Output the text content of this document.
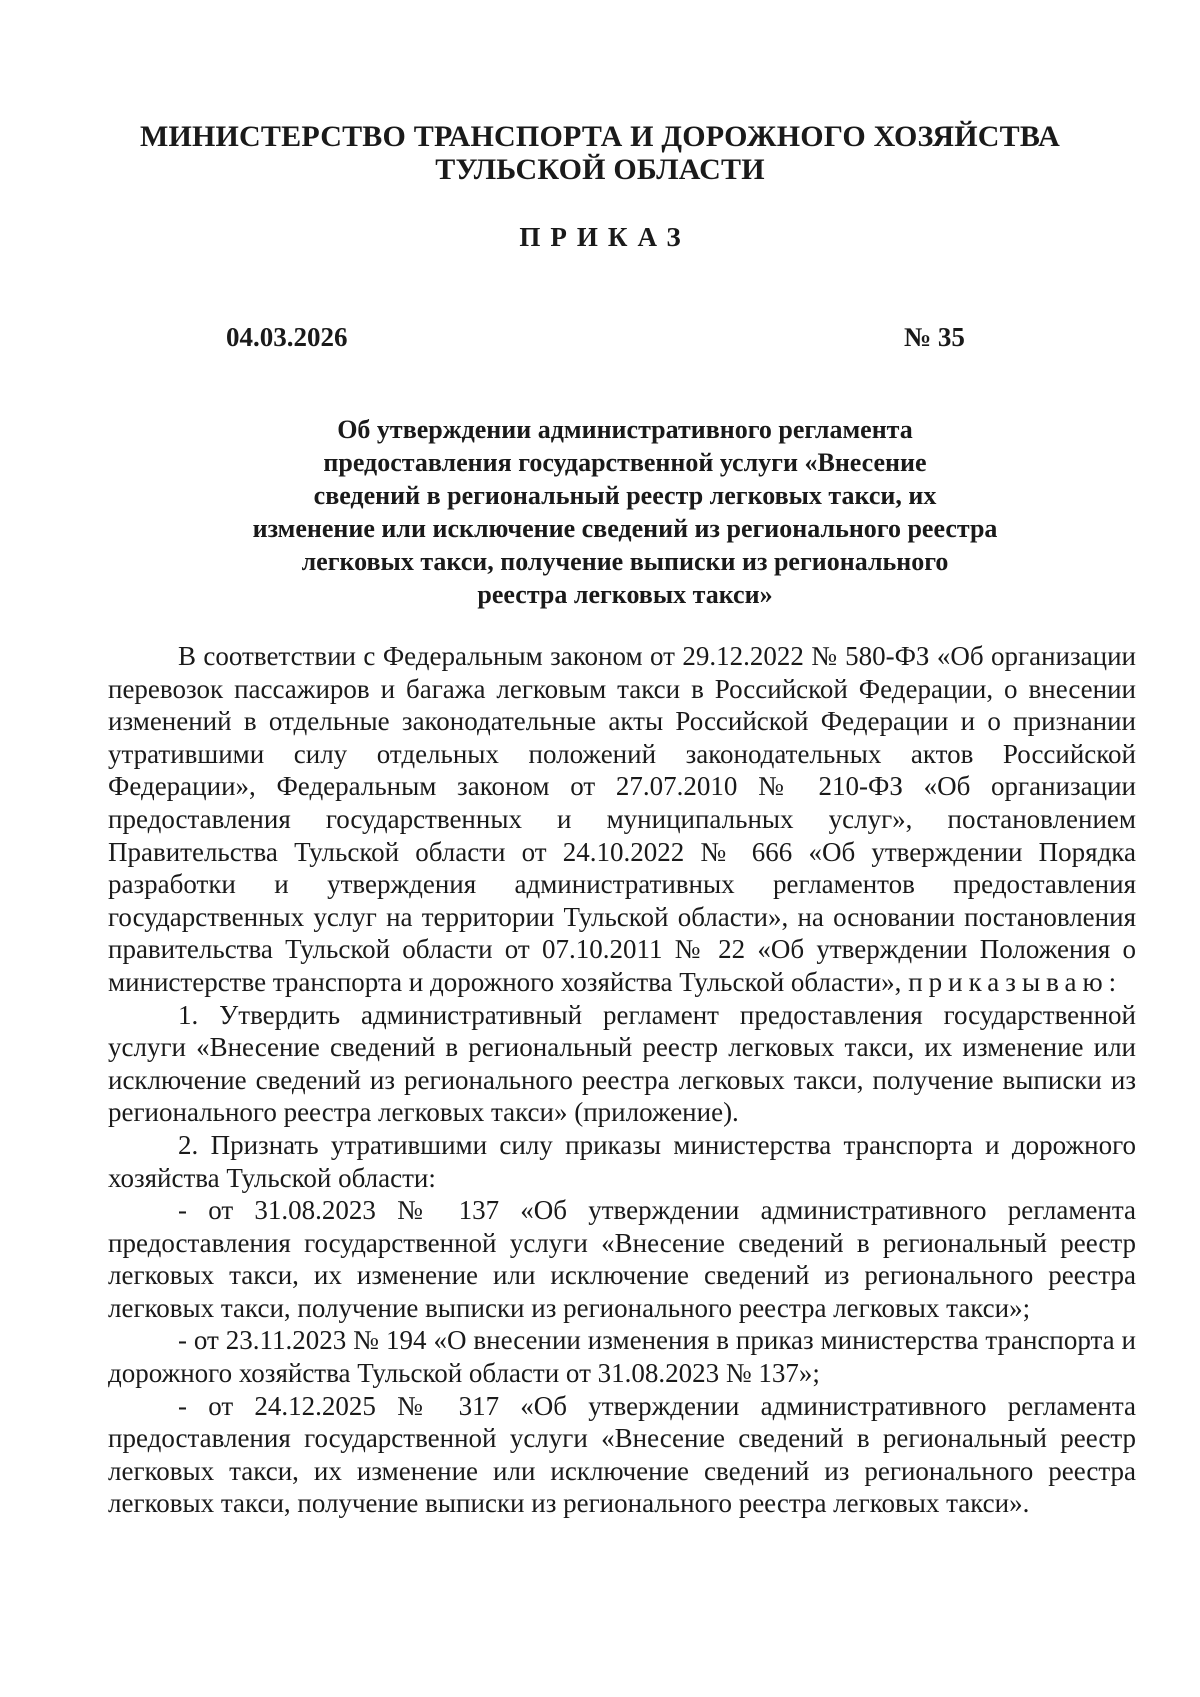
МИНИСТЕРСТВО ТРАНСПОРТА И ДОРОЖНОГО ХОЗЯЙСТВА
ТУЛЬСКОЙ ОБЛАСТИ
ПРИКАЗ
04.03.2026	№ 35
Об утверждении административного регламента
предоставления государственной услуги «Внесение
сведений в региональный реестр легковых такси, их
изменение или исключение сведений из регионального реестра
легковых такси, получение выписки из регионального
реестра легковых такси»

В соответствии с Федеральным законом от 29.12.2022 № 580-ФЗ «Об организации перевозок пассажиров и багажа легковым такси в Российской Федерации, о внесении изменений в отдельные законодательные акты Российской Федерации и о признании утратившими силу отдельных положений законодательных актов Российской Федерации», Федеральным законом от 27.07.2010 № 210-ФЗ «Об организации предоставления государственных и муниципальных услуг», постановлением Правительства Тульской области от 24.10.2022 № 666 «Об утверждении Порядка разработки и утверждения административных регламентов предоставления государственных услуг на территории Тульской области», на основании постановления правительства Тульской области от 07.10.2011 № 22 «Об утверждении Положения о министерстве транспорта и дорожного хозяйства Тульской области», приказываю:

1. Утвердить административный регламент предоставления государственной услуги «Внесение сведений в региональный реестр легковых такси, их изменение или исключение сведений из регионального реестра легковых такси, получение выписки из регионального реестра легковых такси» (приложение).

2. Признать утратившими силу приказы министерства транспорта и дорожного хозяйства Тульской области:

- от 31.08.2023 № 137 «Об утверждении административного регламента предоставления государственной услуги «Внесение сведений в региональный реестр легковых такси, их изменение или исключение сведений из регионального реестра легковых такси, получение выписки из регионального реестра легковых такси»;

- от 23.11.2023 № 194 «О внесении изменения в приказ министерства транспорта и дорожного хозяйства Тульской области от 31.08.2023 № 137»;

- от 24.12.2025 № 317 «Об утверждении административного регламента предоставления государственной услуги «Внесение сведений в региональный реестр легковых такси, их изменение или исключение сведений из регионального реестра легковых такси, получение выписки из регионального реестра легковых такси».
